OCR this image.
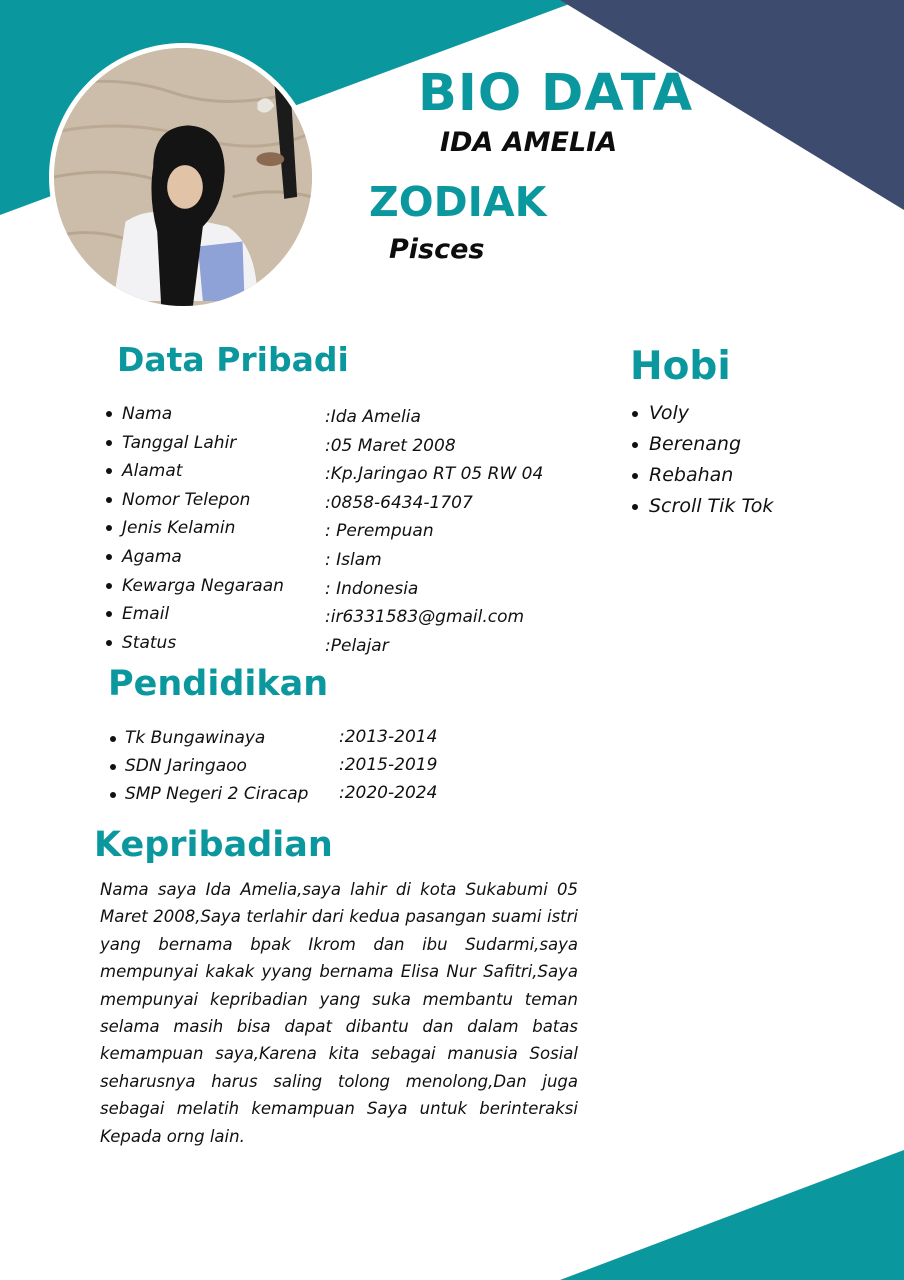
BIO DATA
IDA AMELIA
ZODIAK
Pisces
Data Pribadi
Nama	:Ida Amelia
Tanggal Lahir	:05 Maret 2008
Alamat	:Kp.Jaringao RT 05 RW 04
Nomor Telepon	:0858-6434-1707
Jenis Kelamin	: Perempuan
Agama	: Islam
Kewarga Negaraan : Indonesia
Email	:ir6331583@gmail.com
Status	:Pelajar
Hobi
Voly
Berenang
Rebahan
Scroll Tik Tok
Pendidikan
Tk Bungawinaya	:2013-2014
SDN Jaringaoo	:2015-2019
SMP Negeri 2 Ciracap :2020-2024
Kepribadian

Nama saya Ida Amelia,saya lahir di kota Sukabumi 05 Maret 2008,Saya terlahir dari kedua pasangan suami istri yang bernama bpak Ikrom dan ibu Sudarmi,saya mempunyai kakak yyang bernama Elisa Nur Safitri,Saya mempunyai kepribadian yang suka membantu teman selama masih bisa dapat dibantu dan dalam batas kemampuan saya,Karena kita sebagai manusia Sosial seharusnya harus saling tolong menolong,Dan juga sebagai melatih kemampuan Saya untuk berinteraksi Kepada orng lain.
